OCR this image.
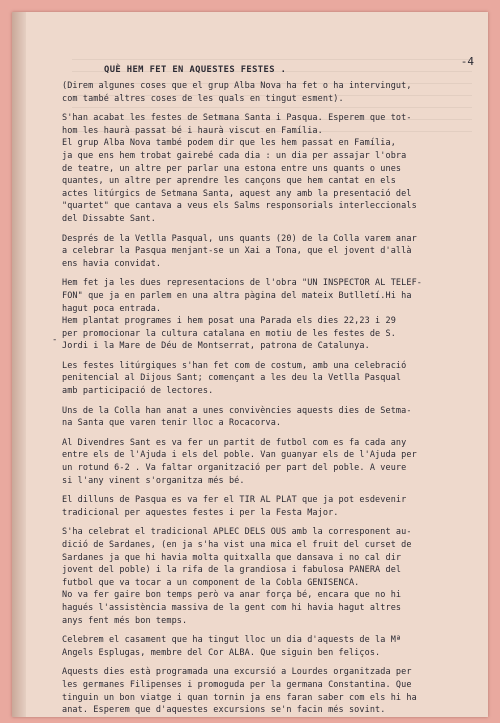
QUÈ HEM FET EN AQUESTES FESTES .
-4
-

(Direm algunes coses que el grup Alba Nova ha fet o ha intervingut,
com també altres coses de les quals en tingut esment).

S'han acabat les festes de Setmana Santa i Pasqua. Esperem que tot-
hom les haurà passat bé i haurà viscut en Família.
El grup Alba Nova també podem dir que les hem passat en Família,
ja que ens hem trobat gairebé cada dia : un dia per assajar l'obra
de teatre, un altre per parlar una estona entre uns quants o unes
quantes, un altre per aprendre les cançons que hem cantat en els
actes litúrgics de Setmana Santa, aquest any amb la presentació del
"quartet" que cantava a veus els Salms responsorials interleccionals
del Dissabte Sant.

Després de la Vetlla Pasqual, uns quants (20) de la Colla varem anar
a celebrar la Pasqua menjant-se un Xai a Tona, que el jovent d'allà
ens havia convidat.

Hem fet ja les dues representacions de l'obra "UN INSPECTOR AL TELEF-
FON" que ja en parlem en una altra pàgina del mateix Butlletí.Hi ha
hagut poca entrada.
Hem plantat programes i hem posat una Parada els dies 22,23 i 29
per promocionar la cultura catalana en motiu de les festes de S.
Jordi i la Mare de Déu de Montserrat, patrona de Catalunya.

Les festes litúrgiques s'han fet com de costum, amb una celebració
penitencial al Dijous Sant; començant a les deu la Vetlla Pasqual
amb participació de lectores.

Uns de la Colla han anat a unes convivències aquests dies de Setma-
na Santa que varen tenir lloc a Rocacorva.

Al Divendres Sant es va fer un partit de futbol com es fa cada any
entre els de l'Ajuda i els del poble. Van guanyar els de l'Ajuda per
un rotund 6-2 . Va faltar organització per part del poble. A veure
si l'any vinent s'organitza més bé.

El dilluns de Pasqua es va fer el TIR AL PLAT que ja pot esdevenir
tradicional per aquestes festes i per la Festa Major.

S'ha celebrat el tradicional APLEC DELS OUS amb la corresponent au-
dició de Sardanes, (en ja s'ha vist una mica el fruit del curset de
Sardanes ja que hi havia molta quitxalla que dansava i no cal dir
jovent del poble) i la rifa de la grandiosa i fabulosa PANERA del
futbol que va tocar a un component de la Cobla GENISENCA.
No va fer gaire bon temps però va anar força bé, encara que no hi
hagués l'assistència massiva de la gent com hi havia hagut altres
anys fent més bon temps.

Celebrem el casament que ha tingut lloc un dia d'aquests de la Mª
Angels Esplugas, membre del Cor ALBA. Que siguin ben feliços.

Aquests dies està programada una excursió a Lourdes organitzada per
les germanes Filipenses i promoguda per la germana Constantina. Que
tinguin un bon viatge i quan tornin ja ens faran saber com els hi ha
anat. Esperem que d'aquestes excursions se'n facin més sovint.
